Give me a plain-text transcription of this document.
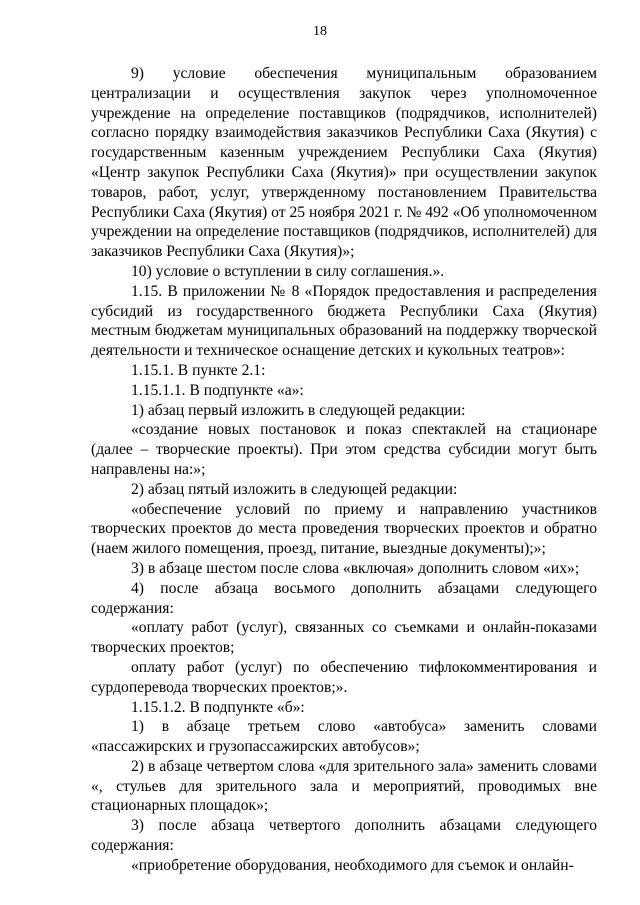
18

9) условие обеспечения муниципальным образованием централизации и осуществления закупок через уполномоченное учреждение на определение поставщиков (подрядчиков, исполнителей) согласно порядку взаимодействия заказчиков Республики Саха (Якутия) с государственным казенным учреждением Республики Саха (Якутия) «Центр закупок Республики Саха (Якутия)» при осуществлении закупок товаров, работ, услуг, утвержденному постановлением Правительства Республики Саха (Якутия) от 25 ноября 2021 г. № 492 «Об уполномоченном учреждении на определение поставщиков (подрядчиков, исполнителей) для заказчиков Республики Саха (Якутия)»;

10) условие о вступлении в силу соглашения.».

1.15. В приложении № 8 «Порядок предоставления и распределения субсидий из государственного бюджета Республики Саха (Якутия) местным бюджетам муниципальных образований на поддержку творческой деятельности и техническое оснащение детских и кукольных театров»:

1.15.1. В пункте 2.1:

1.15.1.1. В подпункте «а»:

1) абзац первый изложить в следующей редакции:

«создание новых постановок и показ спектаклей на стационаре (далее – творческие проекты). При этом средства субсидии могут быть направлены на:»;

2) абзац пятый изложить в следующей редакции:

«обеспечение условий по приему и направлению участников творческих проектов до места проведения творческих проектов и обратно (наем жилого помещения, проезд, питание, выездные документы);»;

3) в абзаце шестом после слова «включая» дополнить словом «их»;

4) после абзаца восьмого дополнить абзацами следующего содержания:

«оплату работ (услуг), связанных со съемками и онлайн-показами творческих проектов;

оплату работ (услуг) по обеспечению тифлокомментирования и сурдоперевода творческих проектов;».

1.15.1.2. В подпункте «б»:

1) в абзаце третьем слово «автобуса» заменить словами «пассажирских и грузопассажирских автобусов»;

2) в абзаце четвертом слова «для зрительного зала» заменить словами «, стульев для зрительного зала и мероприятий, проводимых вне стационарных площадок»;

3) после абзаца четвертого дополнить абзацами следующего содержания:

«приобретение оборудования, необходимого для съемок и онлайн-
